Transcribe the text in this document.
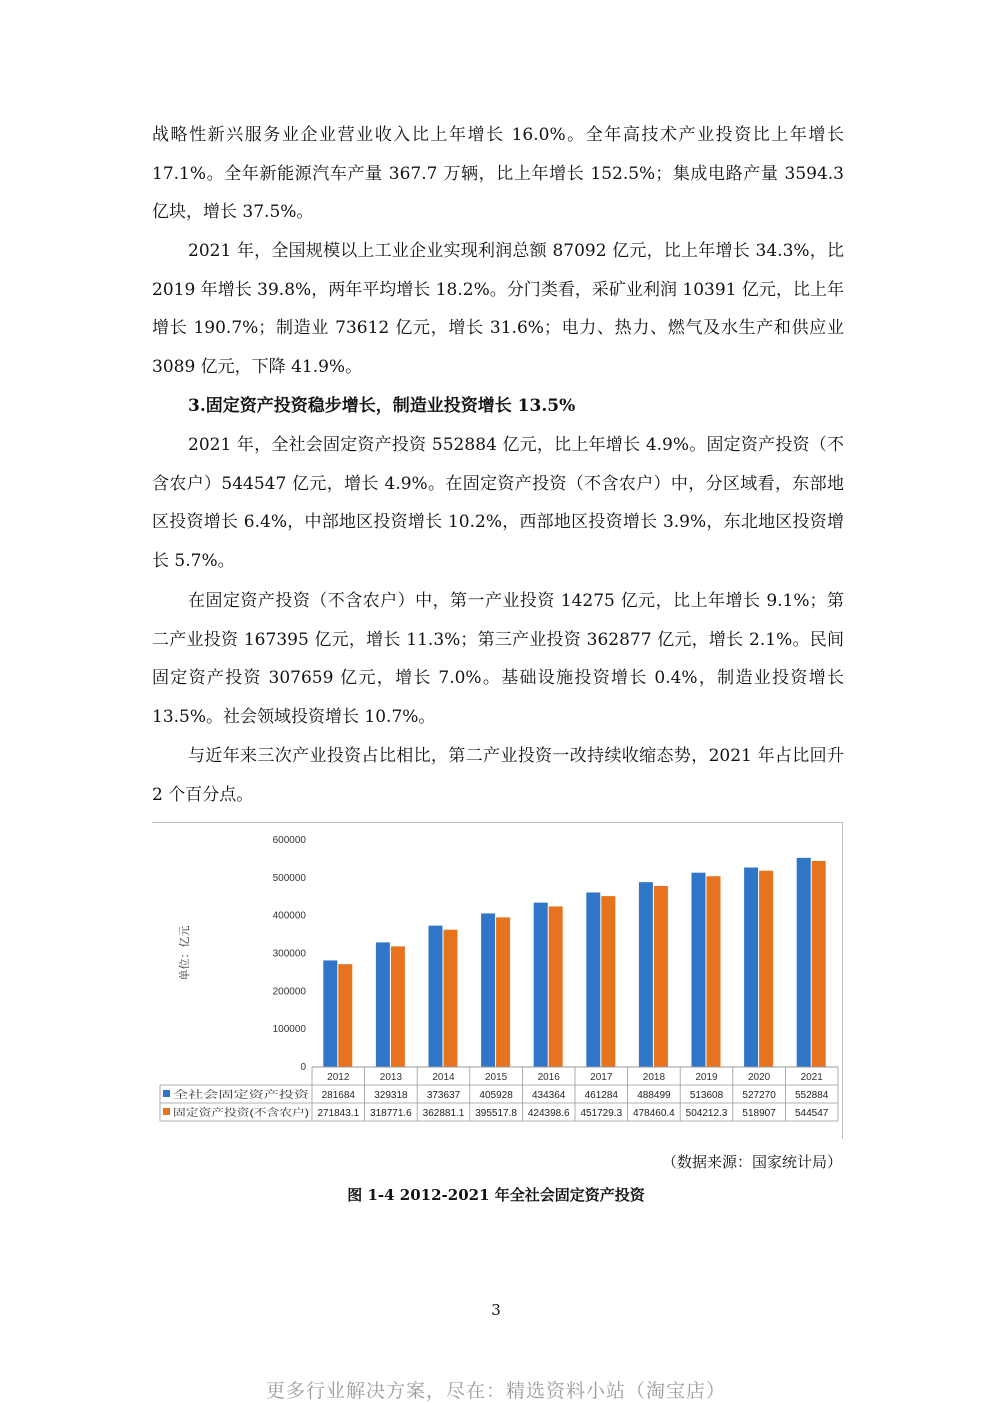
战略性新兴服务业企业营业收入比上年增长 16.0%。全年高技术产业投资比上年增长 17.1%。全年新能源汽车产量 367.7 万辆，比上年增长 152.5%；集成电路产量 3594.3 亿块，增长 37.5%。

2021 年，全国规模以上工业企业实现利润总额 87092 亿元，比上年增长 34.3%，比 2019 年增长 39.8%，两年平均增长 18.2%。分门类看，采矿业利润 10391 亿元，比上年增长 190.7%；制造业 73612 亿元，增长 31.6%；电力、热力、燃气及水生产和供应业 3089 亿元，下降 41.9%。

3.固定资产投资稳步增长，制造业投资增长 13.5%

2021 年，全社会固定资产投资 552884 亿元，比上年增长 4.9%。固定资产投资（不含农户）544547 亿元，增长 4.9%。在固定资产投资（不含农户）中，分区域看，东部地区投资增长 6.4%，中部地区投资增长 10.2%，西部地区投资增长 3.9%，东北地区投资增长 5.7%。

在固定资产投资（不含农户）中，第一产业投资 14275 亿元，比上年增长 9.1%；第二产业投资 167395 亿元，增长 11.3%；第三产业投资 362877 亿元，增长 2.1%。民间固定资产投资 307659 亿元，增长 7.0%。基础设施投资增长 0.4%，制造业投资增长 13.5%。社会领域投资增长 10.7%。

与近年来三次产业投资占比相比，第二产业投资一改持续收缩态势，2021 年占比回升 2 个百分点。

0
100000
200000
300000
400000
500000
600000
单位：亿元
2012	2013	2014	2015	2016	2017	2018	2019	2020	2021
全社会固定资产投资	281684 329318 373637 405928 434364 461284 488499 513608 527270 552884
固定资产投资(不含农户)	271843.1 318771.6 362881.1 395517.8 424398.6 451729.3 478460.4 504212.3 518907 544547
（数据来源：国家统计局）
图 1-4 2012-2021 年全社会固定资产投资
3
更多行业解决方案，尽在：精选资料小站（淘宝店）
